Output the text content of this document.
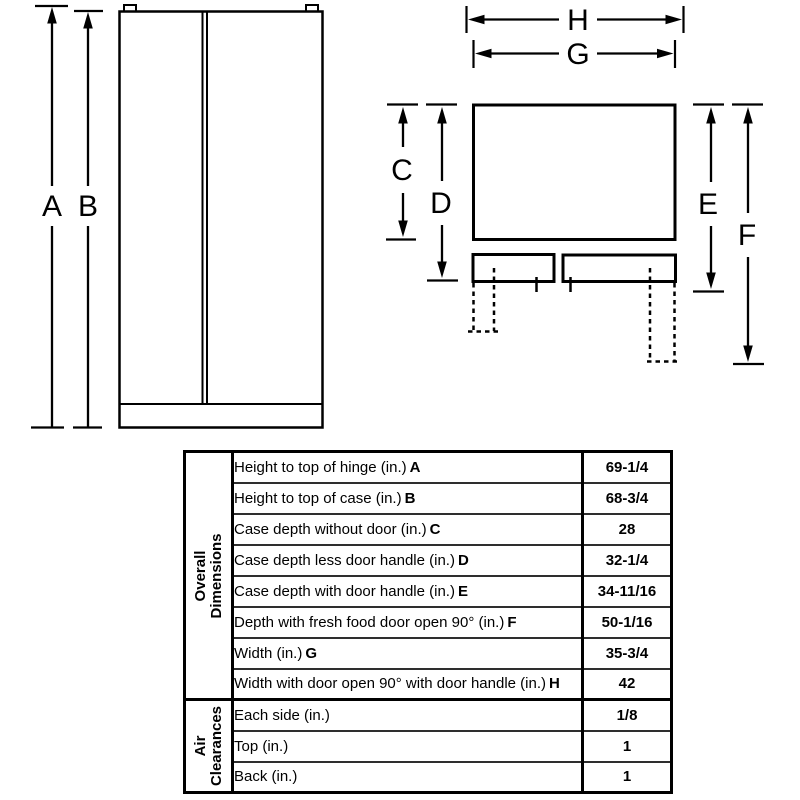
A B
H
G
C
D	E
F
Overall Dimensions	Height to top of hinge (in.) A	69-1/4
	Height to top of case (in.) B	68-3/4
	Case depth without door (in.) C	28
	Case depth less door handle (in.) D	32-1/4
	Case depth with door handle (in.) E	34-11/16
	Depth with fresh food door open 90° (in.) F	50-1/16
	Width (in.) G	35-3/4
	Width with door open 90° with door handle (in.) H	42

Air Clearances	Each side (in.)	1/8
	Top (in.)	1
	Back (in.)	1
